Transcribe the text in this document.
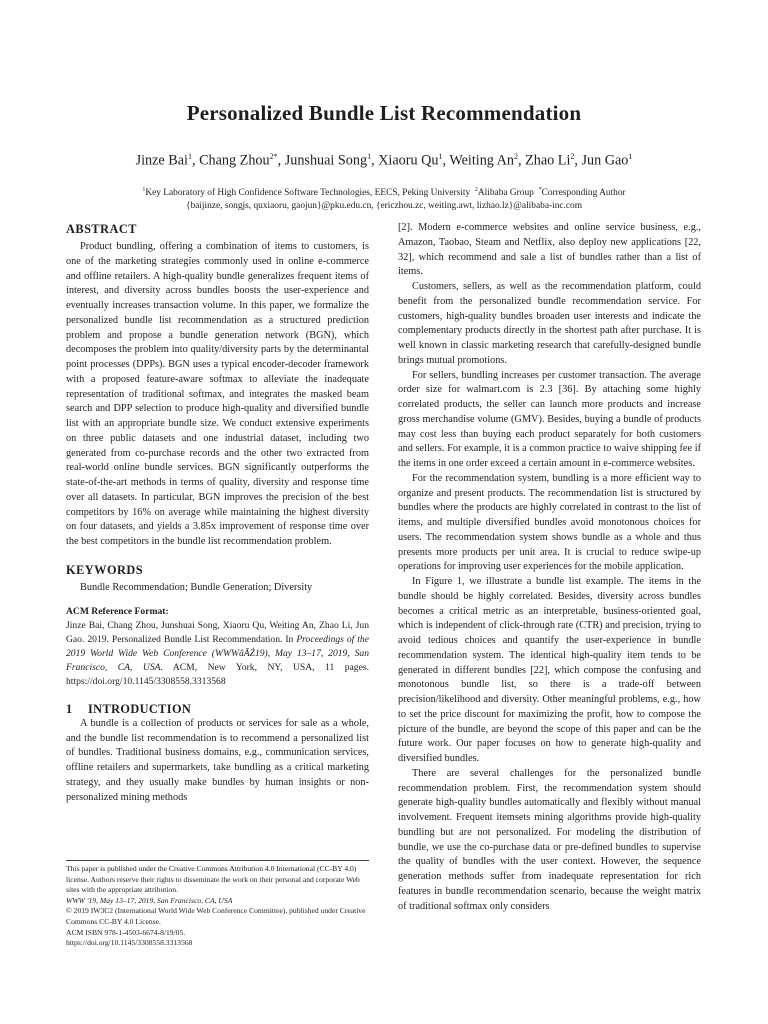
Personalized Bundle List Recommendation
Jinze Bai$^1$, Chang Zhou$^{2*}$, Junshuai Song$^1$, Xiaoru Qu$^1$, Weiting An$^2$, Zhao Li$^2$, Jun Gao$^1$
$^1$Key Laboratory of High Confidence Software Technologies, EECS, Peking University $^2$Alibaba Group *Corresponding Author
{baijinze, songjs, quxiaoru, gaojun}@pku.edu.cn, {ericzhou.zc, weiting.awt, lizhao.lz}@alibaba-inc.com
ABSTRACT

Product bundling, offering a combination of items to customers, is one of the marketing strategies commonly used in online e-commerce and offline retailers. A high-quality bundle generalizes frequent items of interest, and diversity across bundles boosts the user-experience and eventually increases transaction volume. In this paper, we formalize the personalized bundle list recommendation as a structured prediction problem and propose a bundle generation network (BGN), which decomposes the problem into quality/diversity parts by the determinantal point processes (DPPs). BGN uses a typical encoder-decoder framework with a proposed feature-aware softmax to alleviate the inadequate representation of traditional softmax, and integrates the masked beam search and DPP selection to produce high-quality and diversified bundle list with an appropriate bundle size. We conduct extensive experiments on three public datasets and one industrial dataset, including two generated from co-purchase records and the other two extracted from real-world online bundle services. BGN significantly outperforms the state-of-the-art methods in terms of quality, diversity and response time over all datasets. In particular, BGN improves the precision of the best competitors by 16% on average while maintaining the highest diversity on four datasets, and yields a 3.85x improvement of response time over the best competitors in the bundle list recommendation problem.

KEYWORDS
Bundle Recommendation; Bundle Generation; Diversity
ACM Reference Format:
Jinze Bai, Chang Zhou, Junshuai Song, Xiaoru Qu, Weiting An, Zhao Li, Jun Gao. 2019. Personalized Bundle List Recommendation. In Proceedings of the 2019 World Wide Web Conference (WWWâĂŹ19), May 13–17, 2019, San Francisco, CA, USA. ACM, New York, NY, USA, 11 pages. https://doi.org/10.1145/3308558.3313568
1 INTRODUCTION

A bundle is a collection of products or services for sale as a whole, and the bundle list recommendation is to recommend a personalized list of bundles. Traditional business domains, e.g., communication services, offline retailers and supermarkets, take bundling as a critical marketing strategy, and they usually make bundles by human insights or non-personalized mining methods

This paper is published under the Creative Commons Attribution 4.0 International (CC-BY 4.0) license. Authors reserve their rights to disseminate the work on their personal and corporate Web sites with the appropriate attribution.
WWW '19, May 13–17, 2019, San Francisco, CA, USA
© 2019 IW3C2 (International World Wide Web Conference Committee), published under Creative Commons CC-BY 4.0 License.
ACM ISBN 978-1-4503-6674-8/19/05.
https://doi.org/10.1145/3308558.3313568

[2]. Modern e-commerce websites and online service business, e.g., Amazon, Taobao, Steam and Netflix, also deploy new applications [22, 32], which recommend and sale a list of bundles rather than a list of items.

Customers, sellers, as well as the recommendation platform, could benefit from the personalized bundle recommendation service. For customers, high-quality bundles broaden user interests and indicate the complementary products directly in the shortest path after purchase. It is well known in classic marketing research that carefully-designed bundle brings mutual promotions.

For sellers, bundling increases per customer transaction. The average order size for walmart.com is 2.3 [36]. By attaching some highly correlated products, the seller can launch more products and increase gross merchandise volume (GMV). Besides, buying a bundle of products may cost less than buying each product separately for both customers and sellers. For example, it is a common practice to waive shipping fee if the items in one order exceed a certain amount in e-commerce websites.

For the recommendation system, bundling is a more efficient way to organize and present products. The recommendation list is structured by bundles where the products are highly correlated in contrast to the list of items, and multiple diversified bundles avoid monotonous choices for users. The recommendation system shows bundle as a whole and thus presents more products per unit area. It is crucial to reduce swipe-up operations for improving user experiences for the mobile application.

In Figure 1, we illustrate a bundle list example. The items in the bundle should be highly correlated. Besides, diversity across bundles becomes a critical metric as an interpretable, business-oriented goal, which is independent of click-through rate (CTR) and precision, trying to avoid tedious choices and quantify the user-experience in bundle recommendation system. The identical high-quality item tends to be generated in different bundles [22], which compose the confusing and monotonous bundle list, so there is a trade-off between precision/likelihood and diversity. Other meaningful problems, e.g., how to set the price discount for maximizing the profit, how to compose the picture of the bundle, are beyond the scope of this paper and can be the future work. Our paper focuses on how to generate high-quality and diversified bundles.

There are several challenges for the personalized bundle recommendation problem. First, the recommendation system should generate high-quality bundles automatically and flexibly without manual involvement. Frequent itemsets mining algorithms provide high-quality bundling but are not personalized. For modeling the distribution of bundle, we use the co-purchase data or pre-defined bundles to supervise the quality of bundles with the user context. However, the sequence generation methods suffer from inadequate representation for rich features in bundle recommendation scenario, because the weight matrix of traditional softmax only considers
